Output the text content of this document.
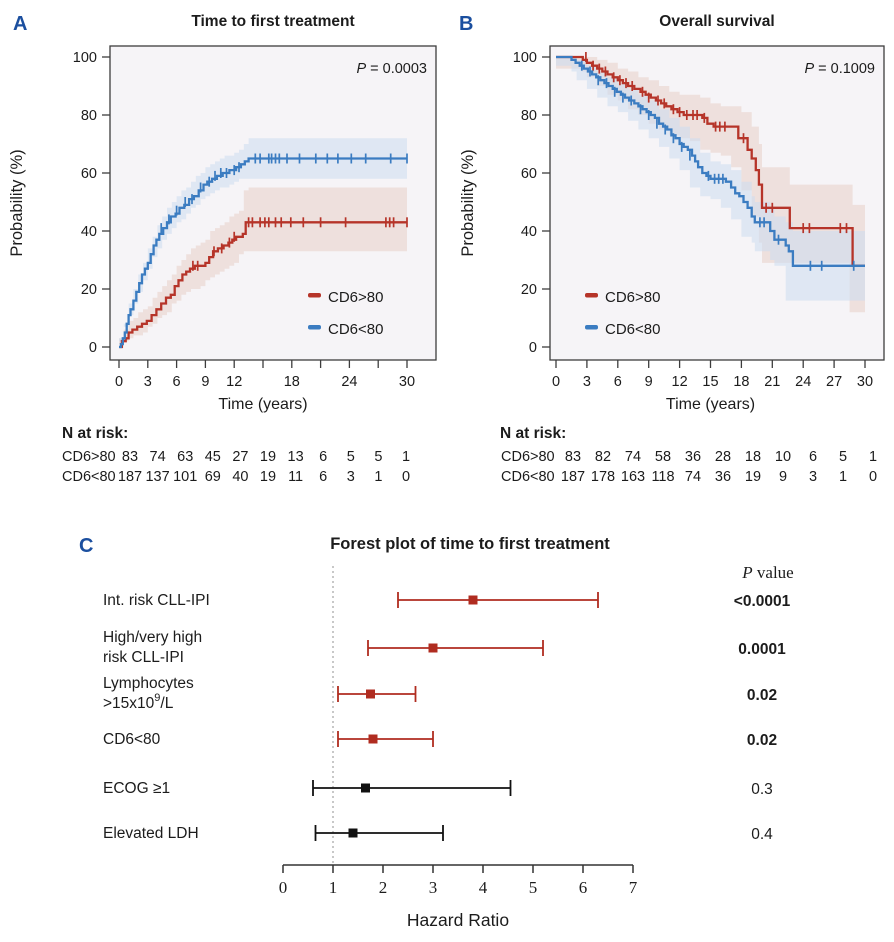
A	B
C
0
20
40
60
80
100
0 3 6 9 12	18	24	30
Time to first treatment
P = 0.0003
Probability (%)
Time (years)
CD6>80
CD6<80
N at risk:
CD6>80 83 74 63 45 27 19 13 6 5 5 1
CD6<80 187 137 101 69 40 19 11 6 3 1 0
0
20
40
60
80
100
0 3 6 9 12 15 18 21 24 27 30
Overall survival
P = 0.1009
Probability (%)
Time (years)
CD6>80
CD6<80
N at risk:
CD6>80 83 82 74 58 36 28 18 10 6 5 1
CD6<80 187 178 163 118 74 36 19 9 3 1 0
Forest plot of time to first treatment
P value
Int. risk CLL-IPI	<0.0001
High/very high
risk CLL-IPI	0.0001
Lymphocytes
$>15x10^9/L$	0.02
CD6<80	0.02
ECOG ≥1	0.3
Elevated LDH	0.4
0 1 2 3 4 5 6 7
Hazard Ratio
